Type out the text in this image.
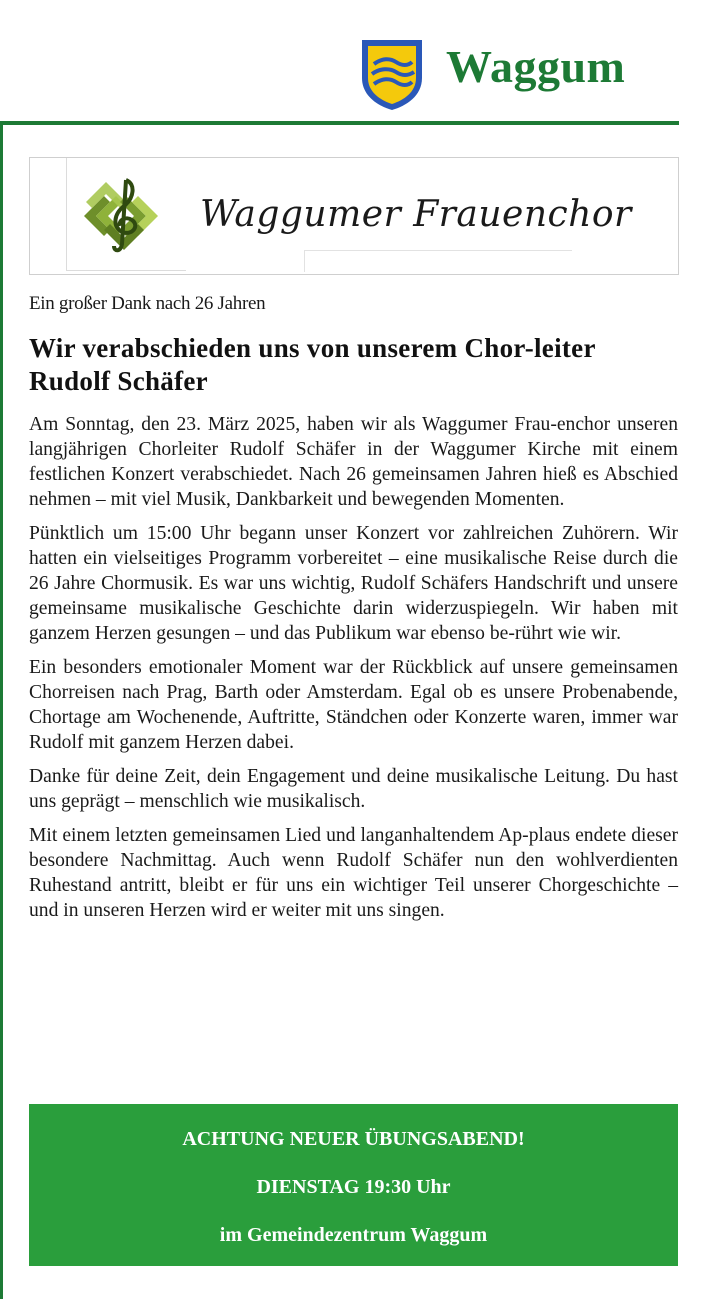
Waggum
Waggumer Frauenchor
Ein großer Dank nach 26 Jahren
Wir verabschieden uns von unserem Chor-leiter Rudolf Schäfer

Am Sonntag, den 23. März 2025, haben wir als Waggumer Frau-enchor unseren langjährigen Chorleiter Rudolf Schäfer in der Waggumer Kirche mit einem festlichen Konzert verabschiedet. Nach 26 gemeinsamen Jahren hieß es Abschied nehmen – mit viel Musik, Dankbarkeit und bewegenden Momenten.

Pünktlich um 15:00 Uhr begann unser Konzert vor zahlreichen Zuhörern. Wir hatten ein vielseitiges Programm vorbereitet – eine musikalische Reise durch die 26 Jahre Chormusik. Es war uns wichtig, Rudolf Schäfers Handschrift und unsere gemeinsame musikalische Geschichte darin widerzuspiegeln. Wir haben mit ganzem Herzen gesungen – und das Publikum war ebenso be-rührt wie wir.

Ein besonders emotionaler Moment war der Rückblick auf unsere gemeinsamen Chorreisen nach Prag, Barth oder Amsterdam. Egal ob es unsere Probenabende, Chortage am Wochenende, Auftritte, Ständchen oder Konzerte waren, immer war Rudolf mit ganzem Herzen dabei.

Danke für deine Zeit, dein Engagement und deine musikalische Leitung. Du hast uns geprägt – menschlich wie musikalisch.

Mit einem letzten gemeinsamen Lied und langanhaltendem Ap-plaus endete dieser besondere Nachmittag. Auch wenn Rudolf Schäfer nun den wohlverdienten Ruhestand antritt, bleibt er für uns ein wichtiger Teil unserer Chorgeschichte – und in unseren Herzen wird er weiter mit uns singen.

ACHTUNG NEUER ÜBUNGSABEND!
DIENSTAG 19:30 Uhr
im Gemeindezentrum Waggum
